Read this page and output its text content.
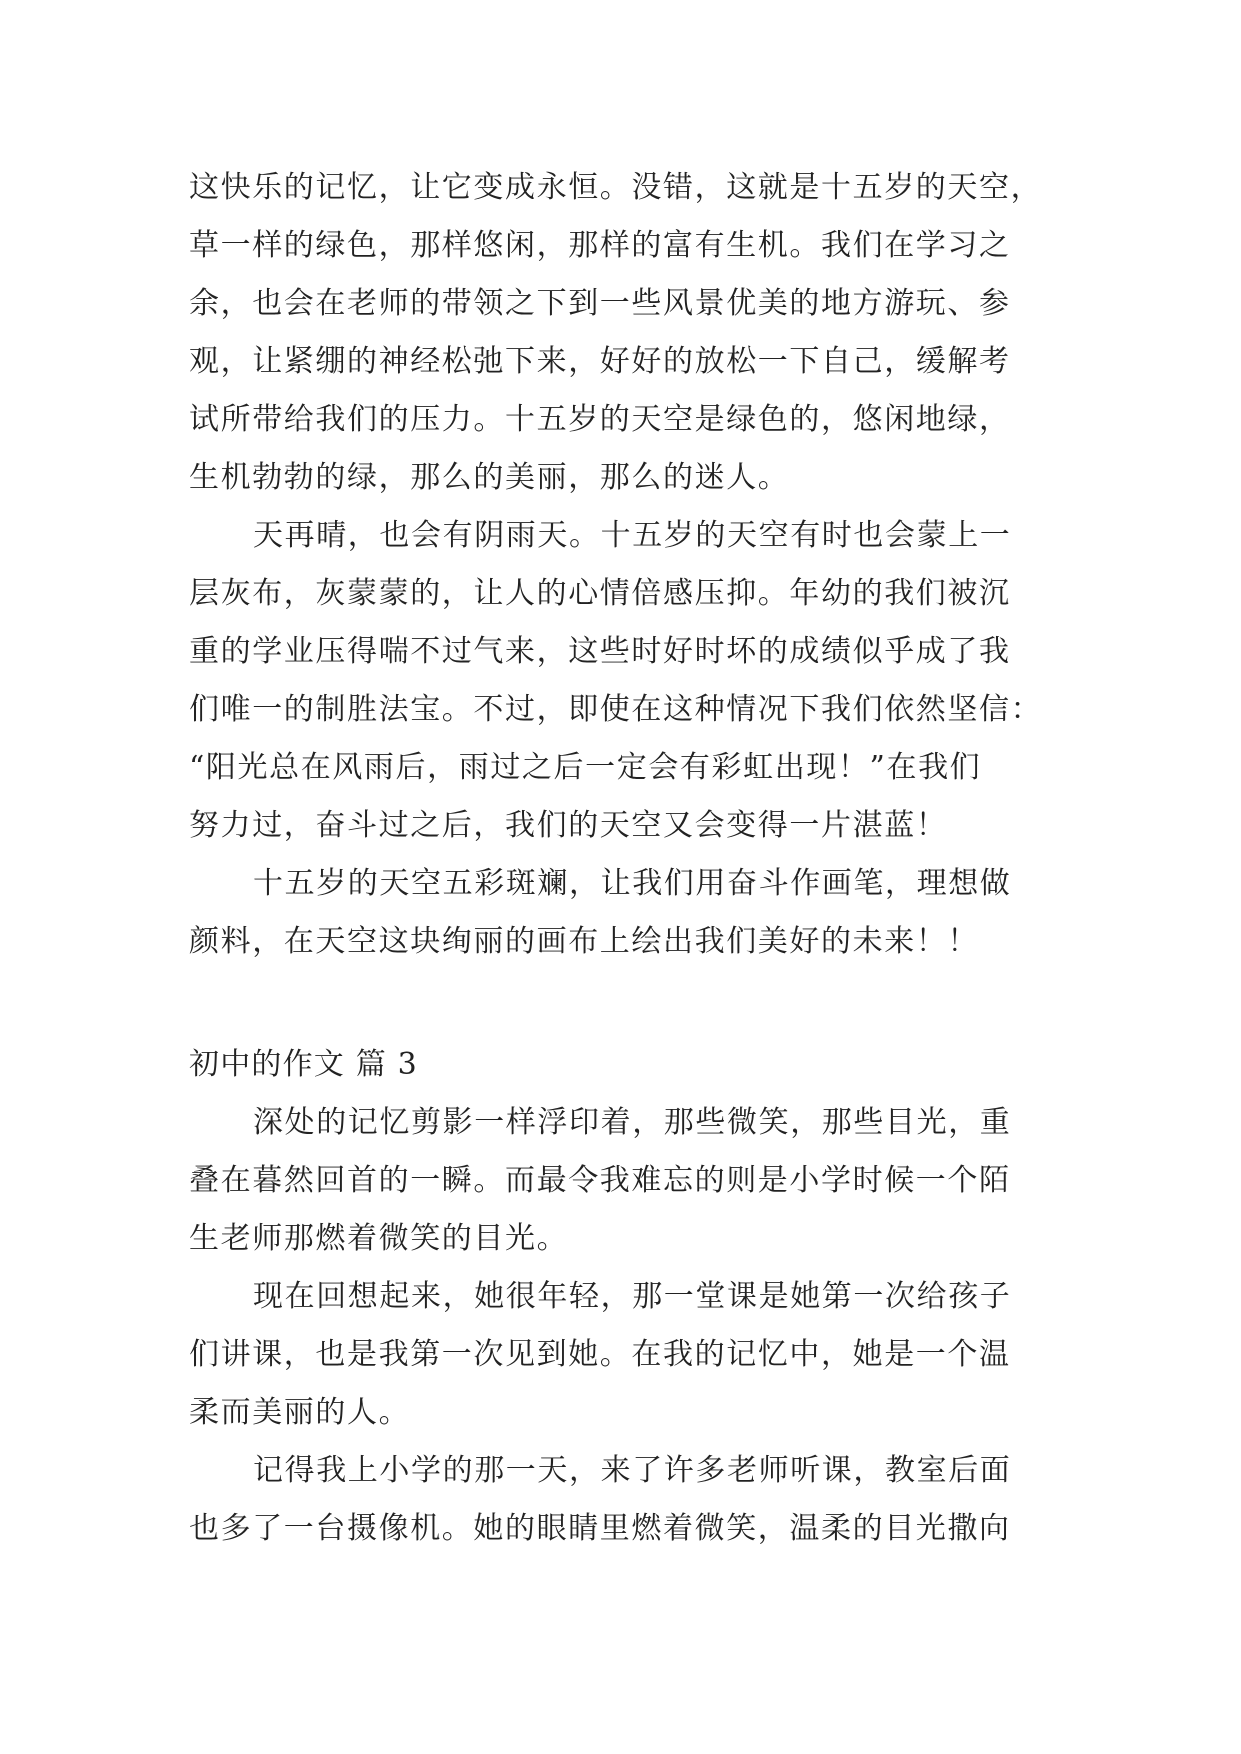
这快乐的记忆，让它变成永恒。没错，这就是十五岁的天空，
草一样的绿色，那样悠闲，那样的富有生机。我们在学习之
余，也会在老师的带领之下到一些风景优美的地方游玩、参
观，让紧绷的神经松弛下来，好好的放松一下自己，缓解考
试所带给我们的压力。十五岁的天空是绿色的，悠闲地绿，
生机勃勃的绿，那么的美丽，那么的迷人。
天再晴，也会有阴雨天。十五岁的天空有时也会蒙上一
层灰布，灰蒙蒙的，让人的心情倍感压抑。年幼的我们被沉
重的学业压得喘不过气来，这些时好时坏的成绩似乎成了我
们唯一的制胜法宝。不过，即使在这种情况下我们依然坚信：
“阳光总在风雨后，雨过之后一定会有彩虹出现！”在我们
努力过，奋斗过之后，我们的天空又会变得一片湛蓝！
十五岁的天空五彩斑斓，让我们用奋斗作画笔，理想做
颜料，在天空这块绚丽的画布上绘出我们美好的未来！！
初中的作文 篇 3
深处的记忆剪影一样浮印着，那些微笑，那些目光，重
叠在暮然回首的一瞬。而最令我难忘的则是小学时候一个陌
生老师那燃着微笑的目光。
现在回想起来，她很年轻，那一堂课是她第一次给孩子
们讲课，也是我第一次见到她。在我的记忆中，她是一个温
柔而美丽的人。
记得我上小学的那一天，来了许多老师听课，教室后面
也多了一台摄像机。她的眼睛里燃着微笑，温柔的目光撒向
